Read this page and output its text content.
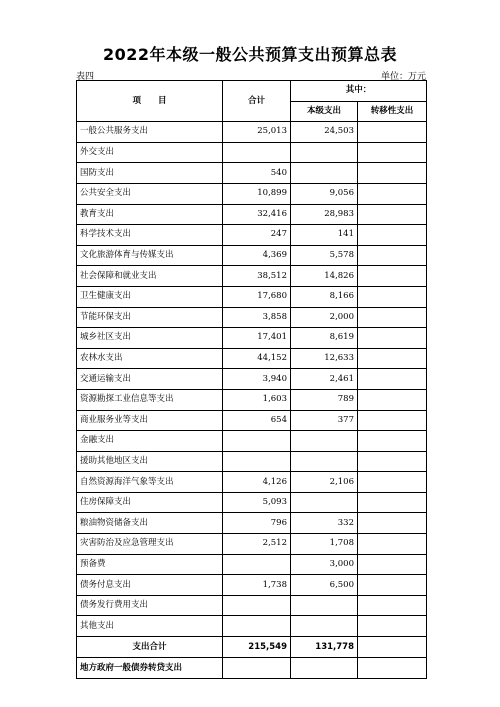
2022年本级一般公共预算支出预算总表
表四	单位：万元
项　　目	合计	其中：	
		本级支出	转移性支出
一般公共服务支出	25,013	24,503	
外交支出			
国防支出	540		
公共安全支出	10,899	9,056	
教育支出	32,416	28,983	
科学技术支出	247	141	
文化旅游体育与传媒支出	4,369	5,578	
社会保障和就业支出	38,512	14,826	
卫生健康支出	17,680	8,166	
节能环保支出	3,858	2,000	
城乡社区支出	17,401	8,619	
农林水支出	44,152	12,633	
交通运输支出	3,940	2,461	
资源勘探工业信息等支出	1,603	789	
商业服务业等支出	654	377	
金融支出			
援助其他地区支出			
自然资源海洋气象等支出	4,126	2,106	
住房保障支出	5,093		
粮油物资储备支出	796	332	
灾害防治及应急管理支出	2,512	1,708	
预备费		3,000	
债务付息支出	1,738	6,500	
债务发行费用支出			
其他支出			
支出合计	215,549	131,778	
地方政府一般债券转贷支出			
